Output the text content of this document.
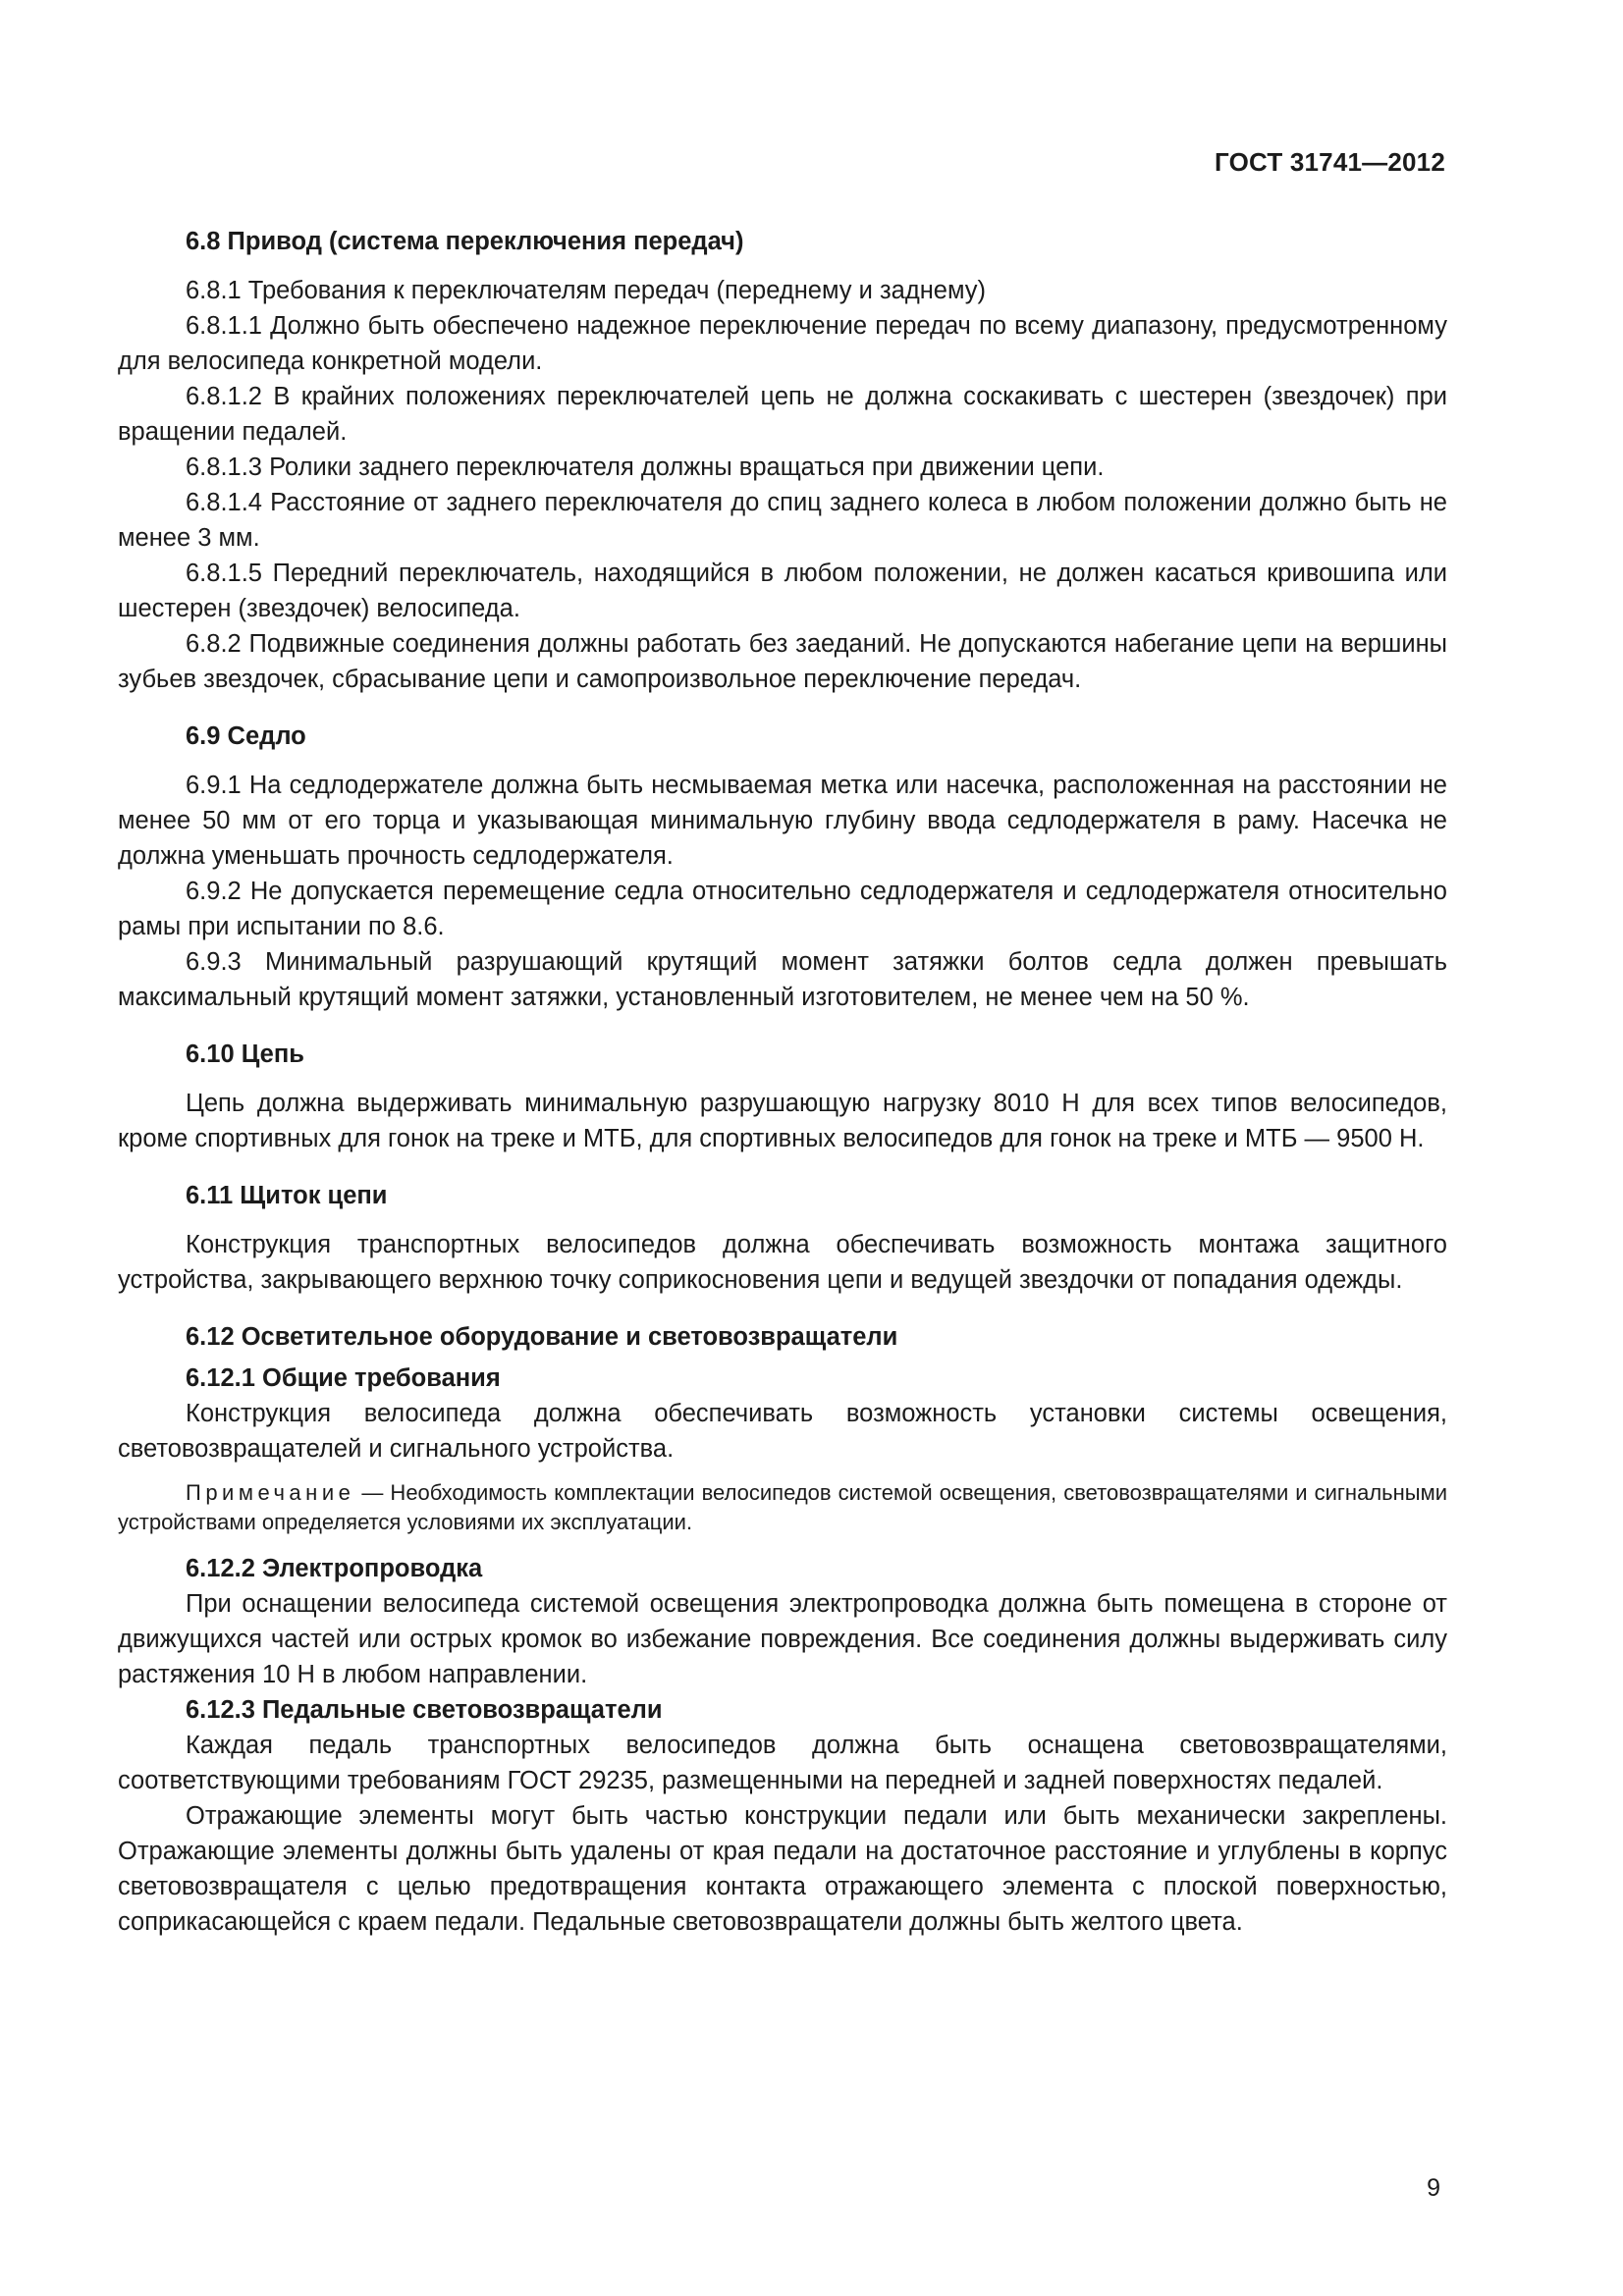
ГОСТ 31741—2012

6.8 Привод (система переключения передач)

6.8.1 Требования к переключателям передач (переднему и заднему)

6.8.1.1 Должно быть обеспечено надежное переключение передач по всему диапазону, предусмотренному для велосипеда конкретной модели.

6.8.1.2 В крайних положениях переключателей цепь не должна соскакивать с шестерен (звездочек) при вращении педалей.

6.8.1.3 Ролики заднего переключателя должны вращаться при движении цепи.

6.8.1.4 Расстояние от заднего переключателя до спиц заднего колеса в любом положении должно быть не менее 3 мм.

6.8.1.5 Передний переключатель, находящийся в любом положении, не должен касаться кривошипа или шестерен (звездочек) велосипеда.

6.8.2 Подвижные соединения должны работать без заеданий. Не допускаются набегание цепи на вершины зубьев звездочек, сбрасывание цепи и самопроизвольное переключение передач.

6.9 Седло

6.9.1 На седлодержателе должна быть несмываемая метка или насечка, расположенная на расстоянии не менее 50 мм от его торца и указывающая минимальную глубину ввода седлодержателя в раму. Насечка не должна уменьшать прочность седлодержателя.

6.9.2 Не допускается перемещение седла относительно седлодержателя и седлодержателя относительно рамы при испытании по 8.6.

6.9.3 Минимальный разрушающий крутящий момент затяжки болтов седла должен превышать максимальный крутящий момент затяжки, установленный изготовителем, не менее чем на 50 %.

6.10 Цепь

Цепь должна выдерживать минимальную разрушающую нагрузку 8010 Н для всех типов велосипедов, кроме спортивных для гонок на треке и МТБ, для спортивных велосипедов для гонок на треке и МТБ — 9500 Н.

6.11 Щиток цепи

Конструкция транспортных велосипедов должна обеспечивать возможность монтажа защитного устройства, закрывающего верхнюю точку соприкосновения цепи и ведущей звездочки от попадания одежды.

6.12 Осветительное оборудование и световозвращатели

6.12.1 Общие требования

Конструкция велосипеда должна обеспечивать возможность установки системы освещения, световозвращателей и сигнального устройства.

Примечание — Необходимость комплектации велосипедов системой освещения, световозвращателями и сигнальными устройствами определяется условиями их эксплуатации.

6.12.2 Электропроводка

При оснащении велосипеда системой освещения электропроводка должна быть помещена в стороне от движущихся частей или острых кромок во избежание повреждения. Все соединения должны выдерживать силу растяжения 10 Н в любом направлении.

6.12.3 Педальные световозвращатели

Каждая педаль транспортных велосипедов должна быть оснащена световозвращателями, соответствующими требованиям ГОСТ 29235, размещенными на передней и задней поверхностях педалей.

Отражающие элементы могут быть частью конструкции педали или быть механически закреплены. Отражающие элементы должны быть удалены от края педали на достаточное расстояние и углублены в корпус световозвращателя с целью предотвращения контакта отражающего элемента с плоской поверхностью, соприкасающейся с краем педали. Педальные световозвращатели должны быть желтого цвета.

9
